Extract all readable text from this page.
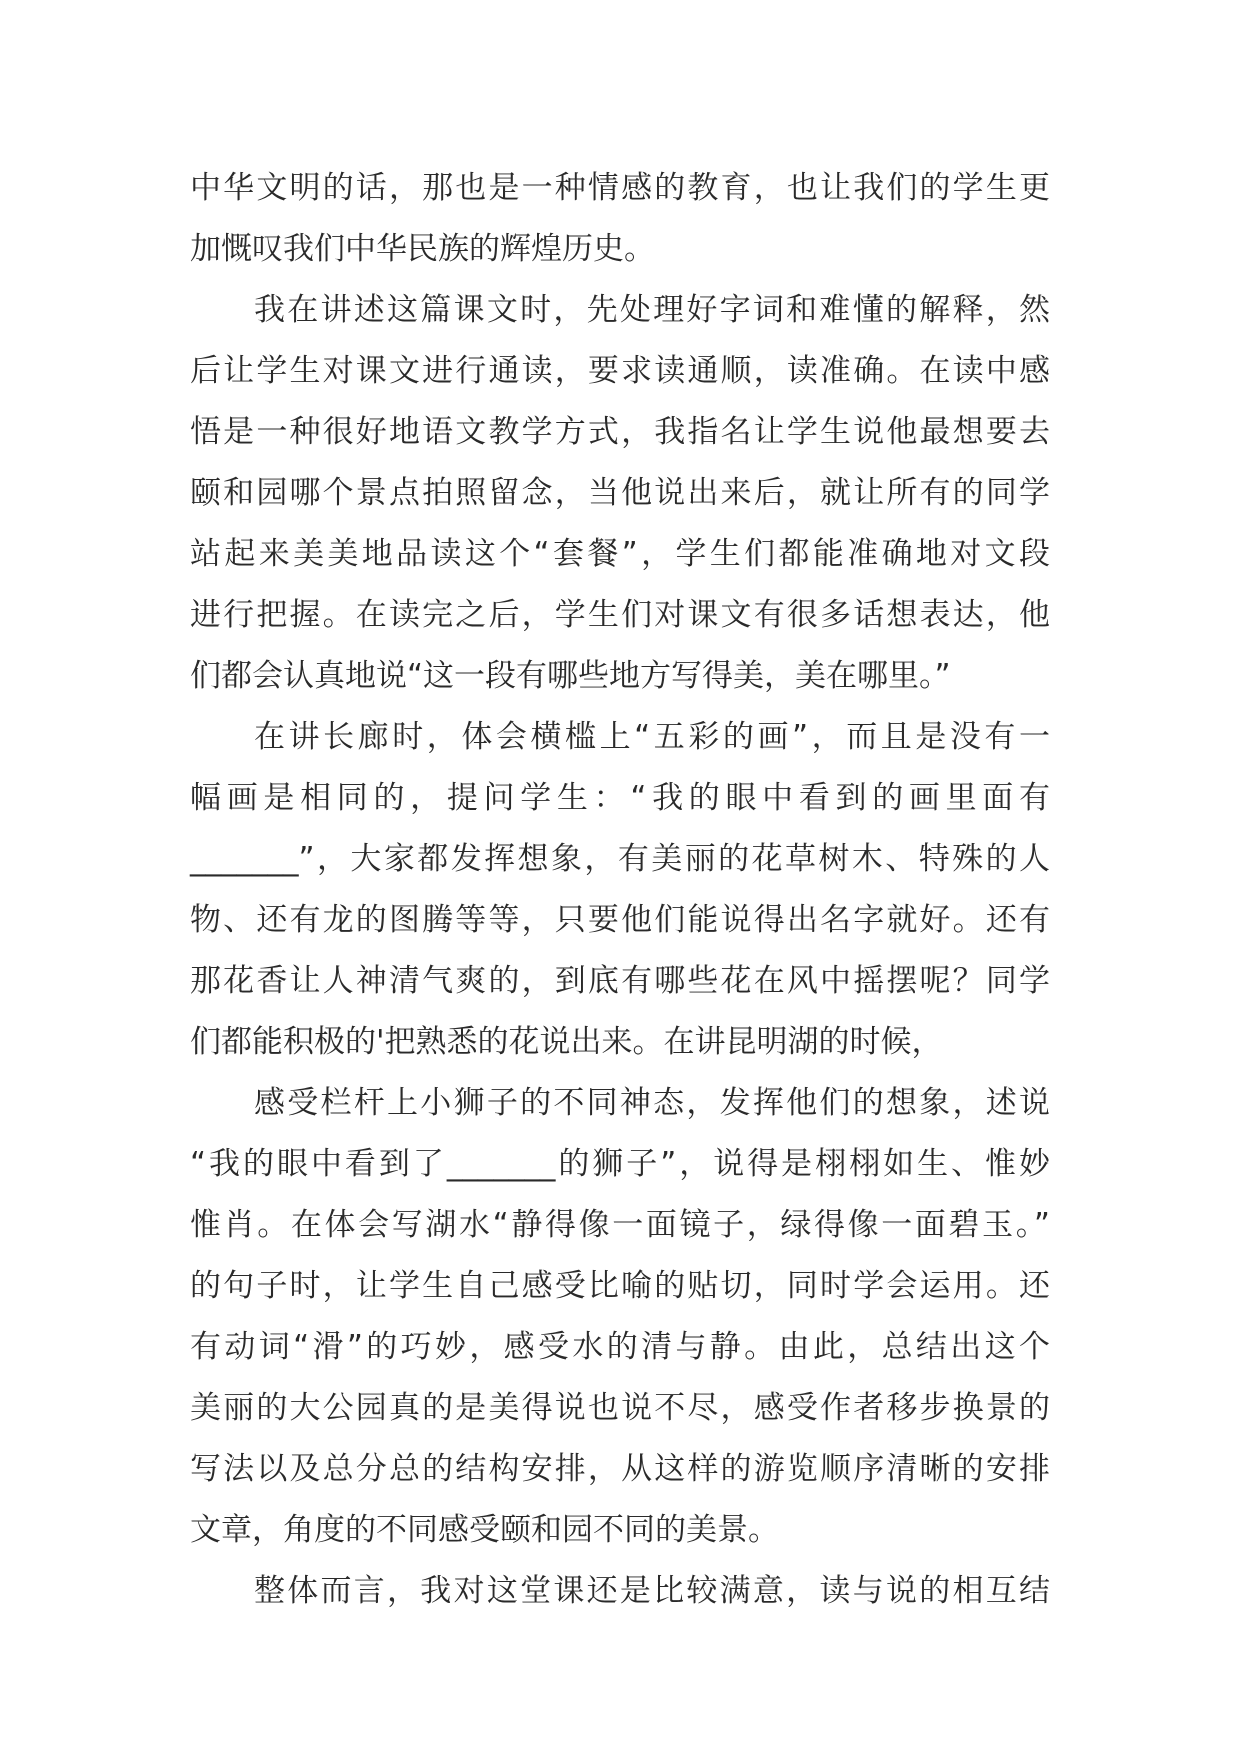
中华文明的话，那也是一种情感的教育，也让我们的学生更
加慨叹我们中华民族的辉煌历史。
我在讲述这篇课文时，先处理好字词和难懂的解释，然
后让学生对课文进行通读，要求读通顺，读准确。在读中感
悟是一种很好地语文教学方式，我指名让学生说他最想要去
颐和园哪个景点拍照留念，当他说出来后，就让所有的同学
站起来美美地品读这个“套餐”，学生们都能准确地对文段
进行把握。在读完之后，学生们对课文有很多话想表达，他
们都会认真地说“这一段有哪些地方写得美，美在哪里。”
在讲长廊时，体会横槛上“五彩的画”，而且是没有一
幅画是相同的，提问学生：“我的眼中看到的画里面有
_______”，大家都发挥想象，有美丽的花草树木、特殊的人
物、还有龙的图腾等等，只要他们能说得出名字就好。还有
那花香让人神清气爽的，到底有哪些花在风中摇摆呢？同学
们都能积极的'把熟悉的花说出来。在讲昆明湖的时候，
感受栏杆上小狮子的不同神态，发挥他们的想象，述说
“我的眼中看到了_______的狮子”，说得是栩栩如生、惟妙
惟肖。在体会写湖水“静得像一面镜子，绿得像一面碧玉。”
的句子时，让学生自己感受比喻的贴切，同时学会运用。还
有动词“滑”的巧妙，感受水的清与静。由此，总结出这个
美丽的大公园真的是美得说也说不尽，感受作者移步换景的
写法以及总分总的结构安排，从这样的游览顺序清晰的安排
文章，角度的不同感受颐和园不同的美景。
整体而言，我对这堂课还是比较满意，读与说的相互结
